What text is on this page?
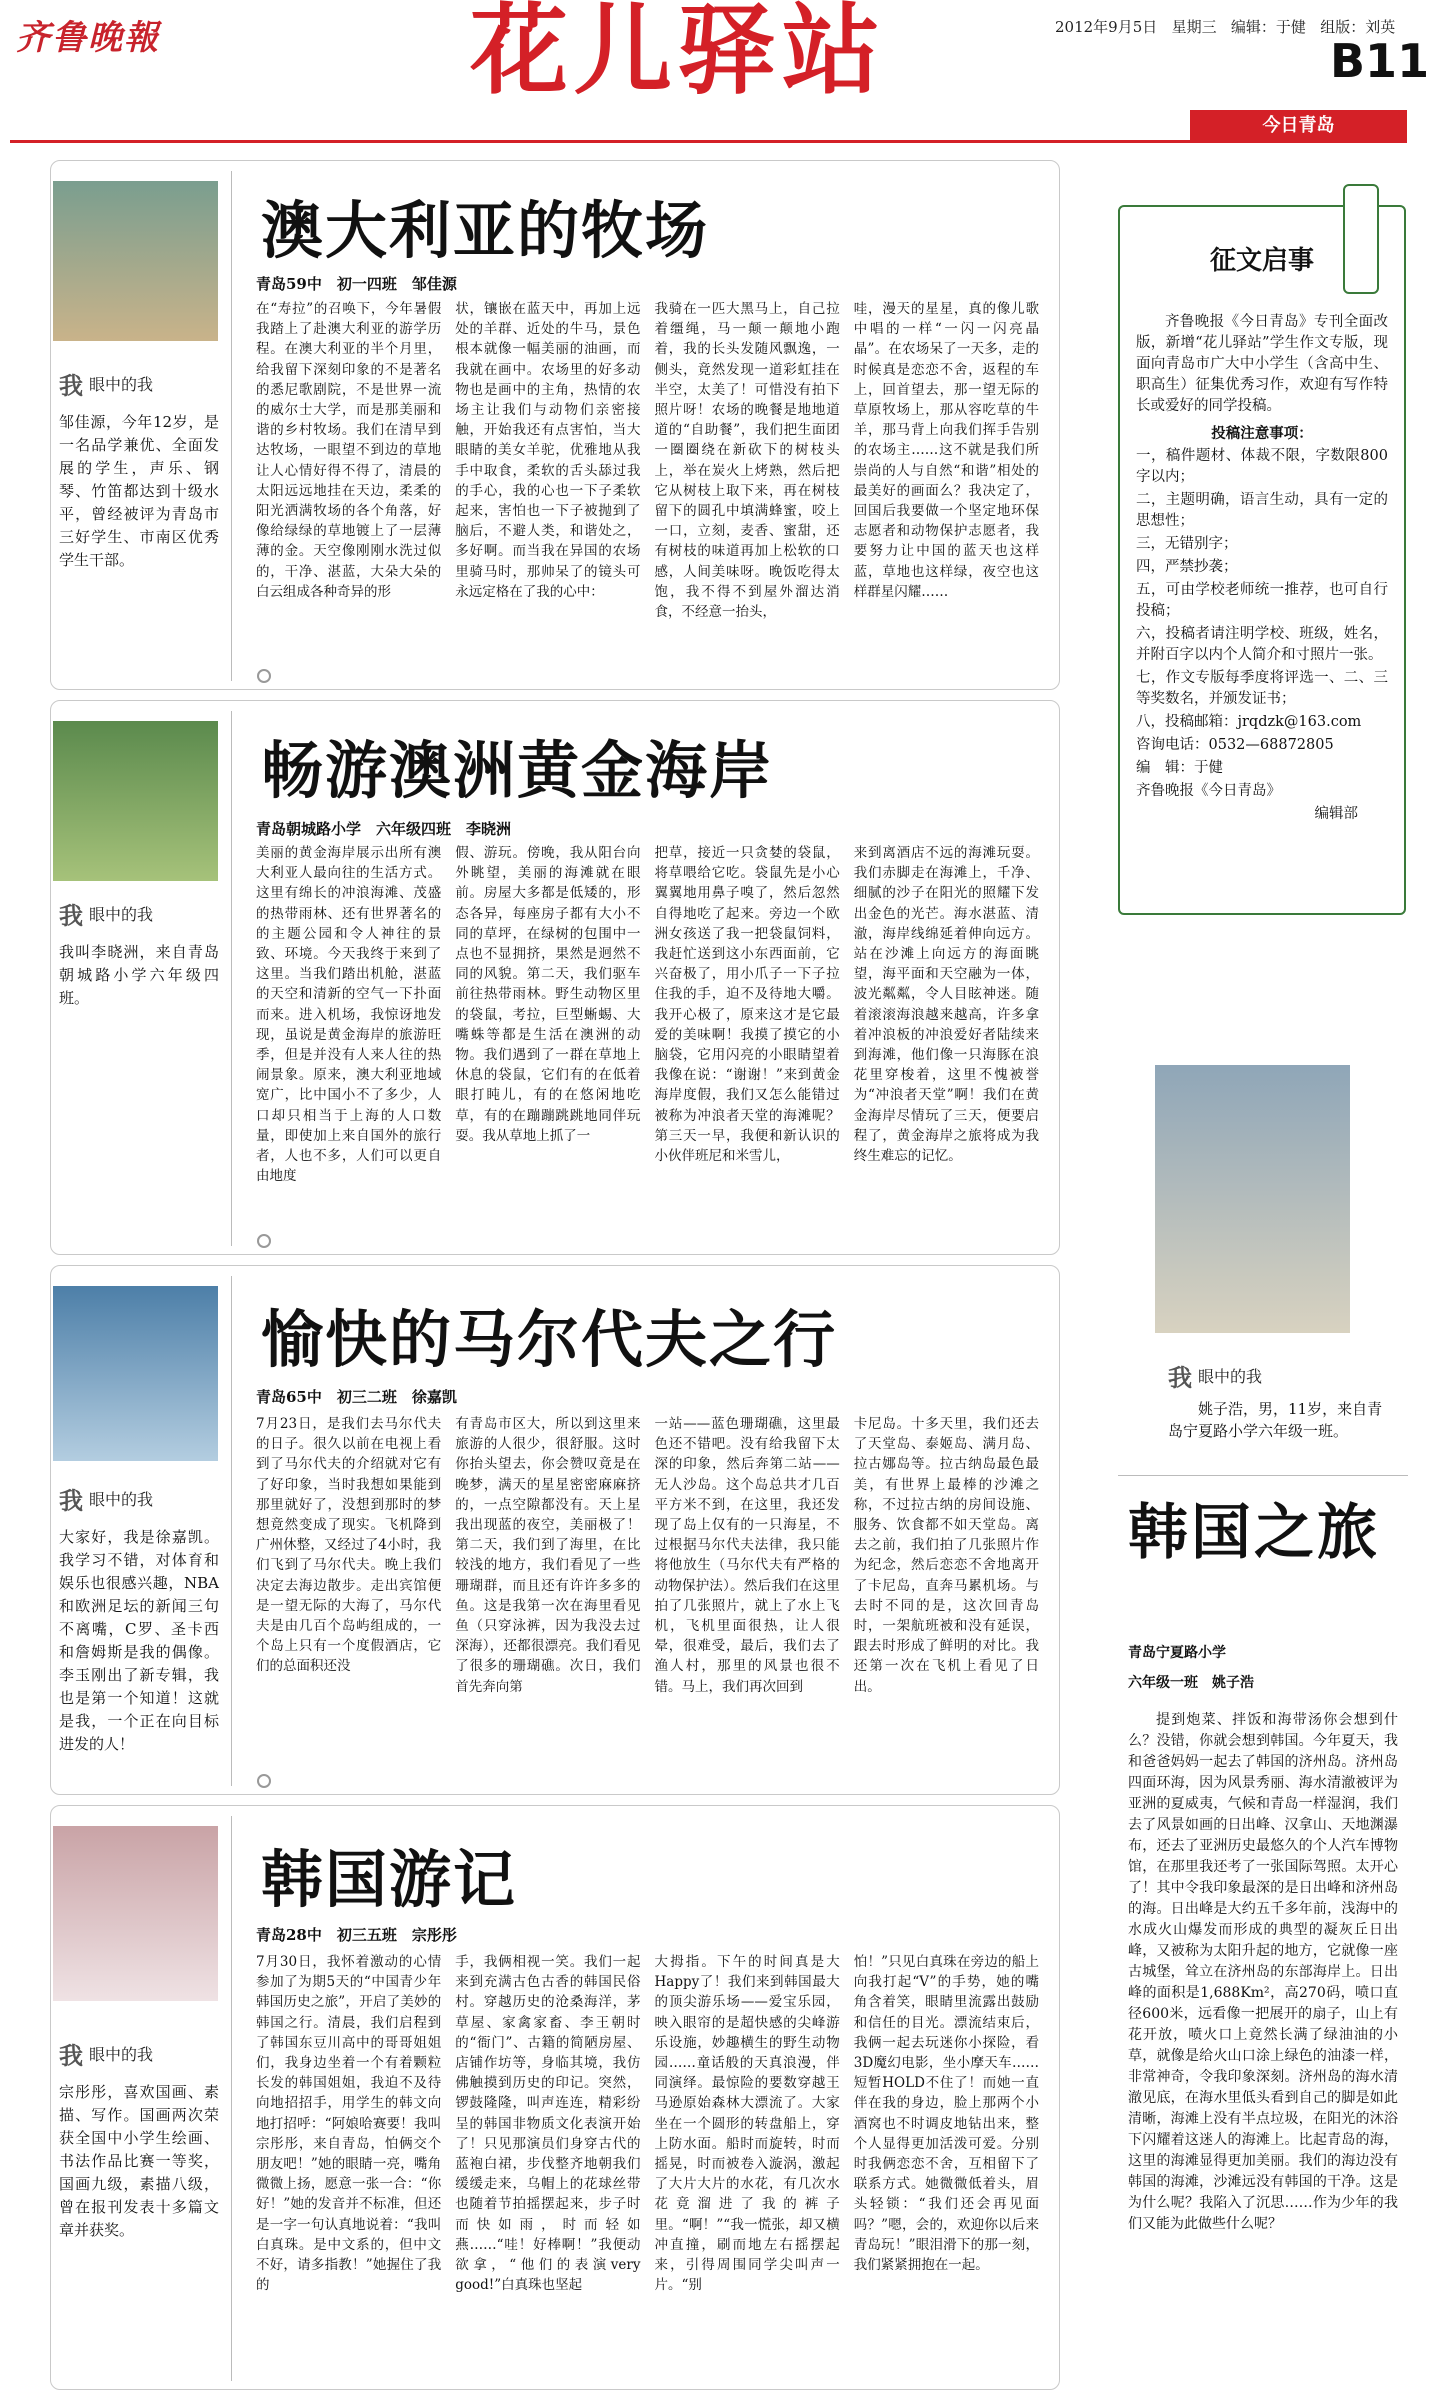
齐鲁晚報	花儿驿站	2012年9月5日 星期三 编辑：于健 组版：刘英
B11
今日青岛
我 眼中的我
邹佳源，今年12岁，是一名品学兼优、全面发展的学生，声乐、钢琴、竹笛都达到十级水平，曾经被评为青岛市三好学生、市南区优秀学生干部。
澳大利亚的牧场
青岛59中　初一四班　邹佳源
在“寿拉”的召唤下，今年暑假我踏上了赴澳大利亚的游学历程。在澳大利亚的半个月里，给我留下深刻印象的不是著名的悉尼歌剧院，不是世界一流的威尔士大学，而是那美丽和谐的乡村牧场。我们在清早到达牧场，一眼望不到边的草地让人心情好得不得了，清晨的太阳远远地挂在天边，柔柔的阳光洒满牧场的各个角落，好像给绿绿的草地镀上了一层薄薄的金。天空像刚刚水洗过似的，干净、湛蓝，大朵大朵的白云组成各种奇异的形
状，镶嵌在蓝天中，再加上远处的羊群、近处的牛马，景色根本就像一幅美丽的油画，而我就在画中。农场里的好多动物也是画中的主角，热情的农场主让我们与动物们亲密接触，开始我还有点害怕，当大眼睛的美女羊驼，优雅地从我手中取食，柔软的舌头舔过我的手心，我的心也一下子柔软起来，害怕也一下子被抛到了脑后，不避人类，和谐处之，多好啊。而当我在异国的农场里骑马时，那帅呆了的镜头可永远定格在了我的心中：
我骑在一匹大黑马上，自己拉着缰绳，马一颠一颠地小跑着，我的长头发随风飘逸，一侧头，竟然发现一道彩虹挂在半空，太美了！可惜没有拍下照片呀！农场的晚餐是地地道道的“自助餐”，我们把生面团一圈圈绕在新砍下的树枝头上，举在炭火上烤熟，然后把它从树枝上取下来，再在树枝留下的圆孔中填满蜂蜜，咬上一口，立刻，麦香、蜜甜，还有树枝的味道再加上松软的口感，人间美味呀。晚饭吃得太饱，我不得不到屋外溜达消食，不经意一抬头，
哇，漫天的星星，真的像儿歌中唱的一样“一闪一闪亮晶晶”。在农场呆了一天多，走的时候真是恋恋不舍，返程的车上，回首望去，那一望无际的草原牧场上，那从容吃草的牛羊，那马背上向我们挥手告别的农场主……这不就是我们所崇尚的人与自然“和谐”相处的最美好的画面么？我决定了，回国后我要做一个坚定地环保志愿者和动物保护志愿者，我要努力让中国的蓝天也这样蓝，草地也这样绿，夜空也这样群星闪耀……
我 眼中的我
我叫李晓洲，来自青岛朝城路小学六年级四班。
畅游澳洲黄金海岸
青岛朝城路小学　六年级四班　李晓洲
美丽的黄金海岸展示出所有澳大利亚人最向往的生活方式。这里有绵长的冲浪海滩、茂盛的热带雨林、还有世界著名的的主题公园和令人神往的景致、环境。今天我终于来到了这里。当我们踏出机舱，湛蓝的天空和清新的空气一下扑面而来。进入机场，我惊讶地发现，虽说是黄金海岸的旅游旺季，但是并没有人来人往的热闹景象。原来，澳大利亚地域宽广，比中国小不了多少，人口却只相当于上海的人口数量，即使加上来自国外的旅行者，人也不多，人们可以更自由地度
假、游玩。傍晚，我从阳台向外眺望，美丽的海滩就在眼前。房屋大多都是低矮的，形态各异，每座房子都有大小不同的草坪，在绿树的包围中一点也不显拥挤，果然是迥然不同的风貌。第二天，我们驱车前往热带雨林。野生动物区里的袋鼠，考拉，巨型蜥蜴、大嘴蛛等都是生活在澳洲的动物。我们遇到了一群在草地上休息的袋鼠，它们有的在低着眼打盹儿，有的在悠闲地吃草，有的在蹦蹦跳跳地同伴玩耍。我从草地上抓了一
把草，接近一只贪婪的袋鼠，将草喂给它吃。袋鼠先是小心翼翼地用鼻子嗅了，然后忽然自得地吃了起来。旁边一个欧洲女孩送了我一把袋鼠饲料，我赶忙送到这小东西面前，它兴奋极了，用小爪子一下子拉住我的手，迫不及待地大嚼。我开心极了，原来这才是它最爱的美味啊！我摸了摸它的小脑袋，它用闪亮的小眼睛望着我像在说：“谢谢！”来到黄金海岸度假，我们又怎么能错过被称为冲浪者天堂的海滩呢？第三天一早，我便和新认识的小伙伴班尼和米雪儿，
来到离酒店不远的海滩玩耍。我们赤脚走在海滩上，千净、细腻的沙子在阳光的照耀下发出金色的光芒。海水湛蓝、清澈，海岸线绵延着伸向远方。站在沙滩上向远方的海面眺望，海平面和天空融为一体，波光粼粼，令人目眩神迷。随着滚滚海浪越来越高，许多拿着冲浪板的冲浪爱好者陆续来到海滩，他们像一只海豚在浪花里穿梭着，这里不愧被誉为“冲浪者天堂”啊！我们在黄金海岸尽情玩了三天，便要启程了，黄金海岸之旅将成为我终生难忘的记忆。
我 眼中的我
大家好，我是徐嘉凯。我学习不错，对体育和娱乐也很感兴趣，NBA和欧洲足坛的新闻三句不离嘴，C罗、圣卡西和詹姆斯是我的偶像。李玉刚出了新专辑，我也是第一个知道！这就是我，一个正在向目标进发的人！
愉快的马尔代夫之行
青岛65中　初三二班　徐嘉凯
7月23日，是我们去马尔代夫的日子。很久以前在电视上看到了马尔代夫的介绍就对它有了好印象，当时我想如果能到那里就好了，没想到那时的梦想竟然变成了现实。飞机降到广州休整，又经过了4小时，我们飞到了马尔代夫。晚上我们决定去海边散步。走出宾馆便是一望无际的大海了，马尔代夫是由几百个岛屿组成的，一个岛上只有一个度假酒店，它们的总面积还没
有青岛市区大，所以到这里来旅游的人很少，很舒服。这时你抬头望去，你会赞叹竟是在晚梦，满天的星星密密麻麻挤的，一点空隙都没有。天上星我出现蓝的夜空，美丽极了！第二天，我们到了海里，在比较浅的地方，我们看见了一些珊瑚群，而且还有许许多多的鱼。这是我第一次在海里看见鱼（只穿泳裤，因为我没去过深海），还都很漂亮。我们看见了很多的珊瑚礁。次日，我们首先奔向第
一站——蓝色珊瑚礁，这里最色还不错吧。没有给我留下太深的印象，然后奔第二站——无人沙岛。这个岛总共才几百平方米不到，在这里，我还发现了岛上仅有的一只海星，不过根据马尔代夫法律，我只能将他放生（马尔代夫有严格的动物保护法）。然后我们在这里拍了几张照片，就上了水上飞机，飞机里面很热，让人很晕，很难受，最后，我们去了渔人村，那里的风景也很不错。马上，我们再次回到
卡尼岛。十多天里，我们还去了天堂岛、泰姬岛、满月岛、拉古娜岛等。拉古纳岛最色最美，有世界上最棒的沙滩之称，不过拉古纳的房间设施、服务、饮食都不如天堂岛。离去之前，我们拍了几张照片作为纪念，然后恋恋不舍地离开了卡尼岛，直奔马累机场。与去时不同的是，这次回青岛时，一架航班被和没有延误，跟去时形成了鲜明的对比。我还第一次在飞机上看见了日出。
我 眼中的我
宗彤彤，喜欢国画、素描、写作。国画两次荣获全国中小学生绘画、书法作品比赛一等奖，国画九级，素描八级，曾在报刊发表十多篇文章并获奖。
韩国游记
青岛28中　初三五班　宗彤彤
7月30日，我怀着激动的心情参加了为期5天的“中国青少年韩国历史之旅”，开启了美妙的韩国之行。清晨，我们启程到了韩国东豆川高中的哥哥姐姐们，我身边坐着一个有着颗粒长发的韩国姐姐，我迫不及待向地招招手，用学生的韩文向地打招呼：“阿娘哈赛要！我叫宗彤彤，来自青岛，怕俩交个朋友吧！”她的眼睛一亮，嘴角微微上扬，愿意一张一合：“你好！”她的发音并不标准，但还是一字一句认真地说着：“我叫白真珠。是中文系的，但中文不好，请多指教！”她握住了我的
手，我俩相视一笑。我们一起来到充满古色古香的韩国民俗村。穿越历史的沧桑海洋，茅草屋、家禽家畜、李王朝时的“衙门”、古籍的简陋房屋、店铺作坊等，身临其境，我仿佛触摸到历史的印记。突然，锣鼓隆隆，叫声连连，精彩纷呈的韩国非物质文化表演开始了！只见那演员们身穿古代的蓝袍白裙，步伐整齐地朝我们缓缓走来，乌帽上的花球丝带也随着节拍摇摆起来，步子时而快如雨，时而轻如燕……“哇！好棒啊！”我便动欲拿，“他们的表演very good!”白真珠也坚起
大拇指。下午的时间真是大Happy了！我们来到韩国最大的顶尖游乐场——爱宝乐园，映入眼帘的是超快感的尖峰游乐设施，妙趣横生的野生动物园……童话般的天真浪漫，伴同演绎。最惊险的要数穿越王马逊原始森林大漂流了。大家坐在一个圆形的转盘船上，穿上防水面。船时而旋转，时而摇晃，时而被卷入漩涡，激起了大片大片的水花，有几次水花竟溜进了我的裤子里。“啊！”“我一慌张，却又横冲直撞，刷而地左右摇摆起来，引得周围同学尖叫声一片。“别
怕！”只见白真珠在旁边的船上向我打起“V”的手势，她的嘴角含着笑，眼睛里流露出鼓励和信任的目光。漂流结束后，我俩一起去玩迷你小探险，看3D魔幻电影，坐小摩天车……短暂HOLD不住了！而她一直伴在我的身边，脸上那两个小酒窝也不时调皮地钻出来，整个人显得更加活泼可爱。分别时我俩恋恋不舍，互相留下了联系方式。她微微低着头，眉头轻锁：“我们还会再见面吗？”嗯，会的，欢迎你以后来青岛玩！”眼泪滑下的那一刻，我们紧紧拥抱在一起。
征文启事
齐鲁晚报《今日青岛》专刊全面改版，新增“花儿驿站”学生作文专版，现面向青岛市广大中小学生（含高中生、职高生）征集优秀习作，欢迎有写作特长或爱好的同学投稿。
投稿注意事项：
一，稿件题材、体裁不限，字数限800字以内；
二，主题明确，语言生动，具有一定的思想性；
三，无错别字；
四，严禁抄袭；
五，可由学校老师统一推荐，也可自行投稿；
六，投稿者请注明学校、班级，姓名，并附百字以内个人简介和寸照片一张。
七，作文专版每季度将评选一、二、三等奖数名，并颁发证书；
八，投稿邮箱：jrqdzk@163.com
咨询电话：0532—68872805
编　辑：于健
齐鲁晚报《今日青岛》
编辑部
我 眼中的我
姚子浩，男，11岁，来自青岛宁夏路小学六年级一班。
韩国之旅
青岛宁夏路小学
六年级一班　姚子浩
提到炮菜、拌饭和海带汤你会想到什么？没错，你就会想到韩国。今年夏天，我和爸爸妈妈一起去了韩国的济州岛。济州岛四面环海，因为风景秀丽、海水清澈被评为亚洲的夏威夷，气候和青岛一样湿润，我们去了风景如画的日出峰、汉拿山、天地渊瀑布，还去了亚洲历史最悠久的个人汽车博物馆，在那里我还考了一张国际驾照。太开心了！其中令我印象最深的是日出峰和济州岛的海。日出峰是大约五千多年前，浅海中的水成火山爆发而形成的典型的凝灰丘日出峰，又被称为太阳升起的地方，它就像一座古城堡，耸立在济州岛的东部海岸上。日出峰的面积是1,688Km²，高270码，喷口直径600米，远看像一把展开的扇子，山上有花开放，喷火口上竟然长满了绿油油的小草，就像是给火山口涂上绿色的油漆一样，非常神奇，令我印象深刻。济州岛的海水清澈见底，在海水里低头看到自己的脚是如此清晰，海滩上没有半点垃圾，在阳光的沐浴下闪耀着这迷人的海滩上。比起青岛的海，这里的海滩显得更加美丽。我们的海边没有韩国的海滩，沙滩远没有韩国的干净。这是为什么呢？我陷入了沉思……作为少年的我们又能为此做些什么呢？
